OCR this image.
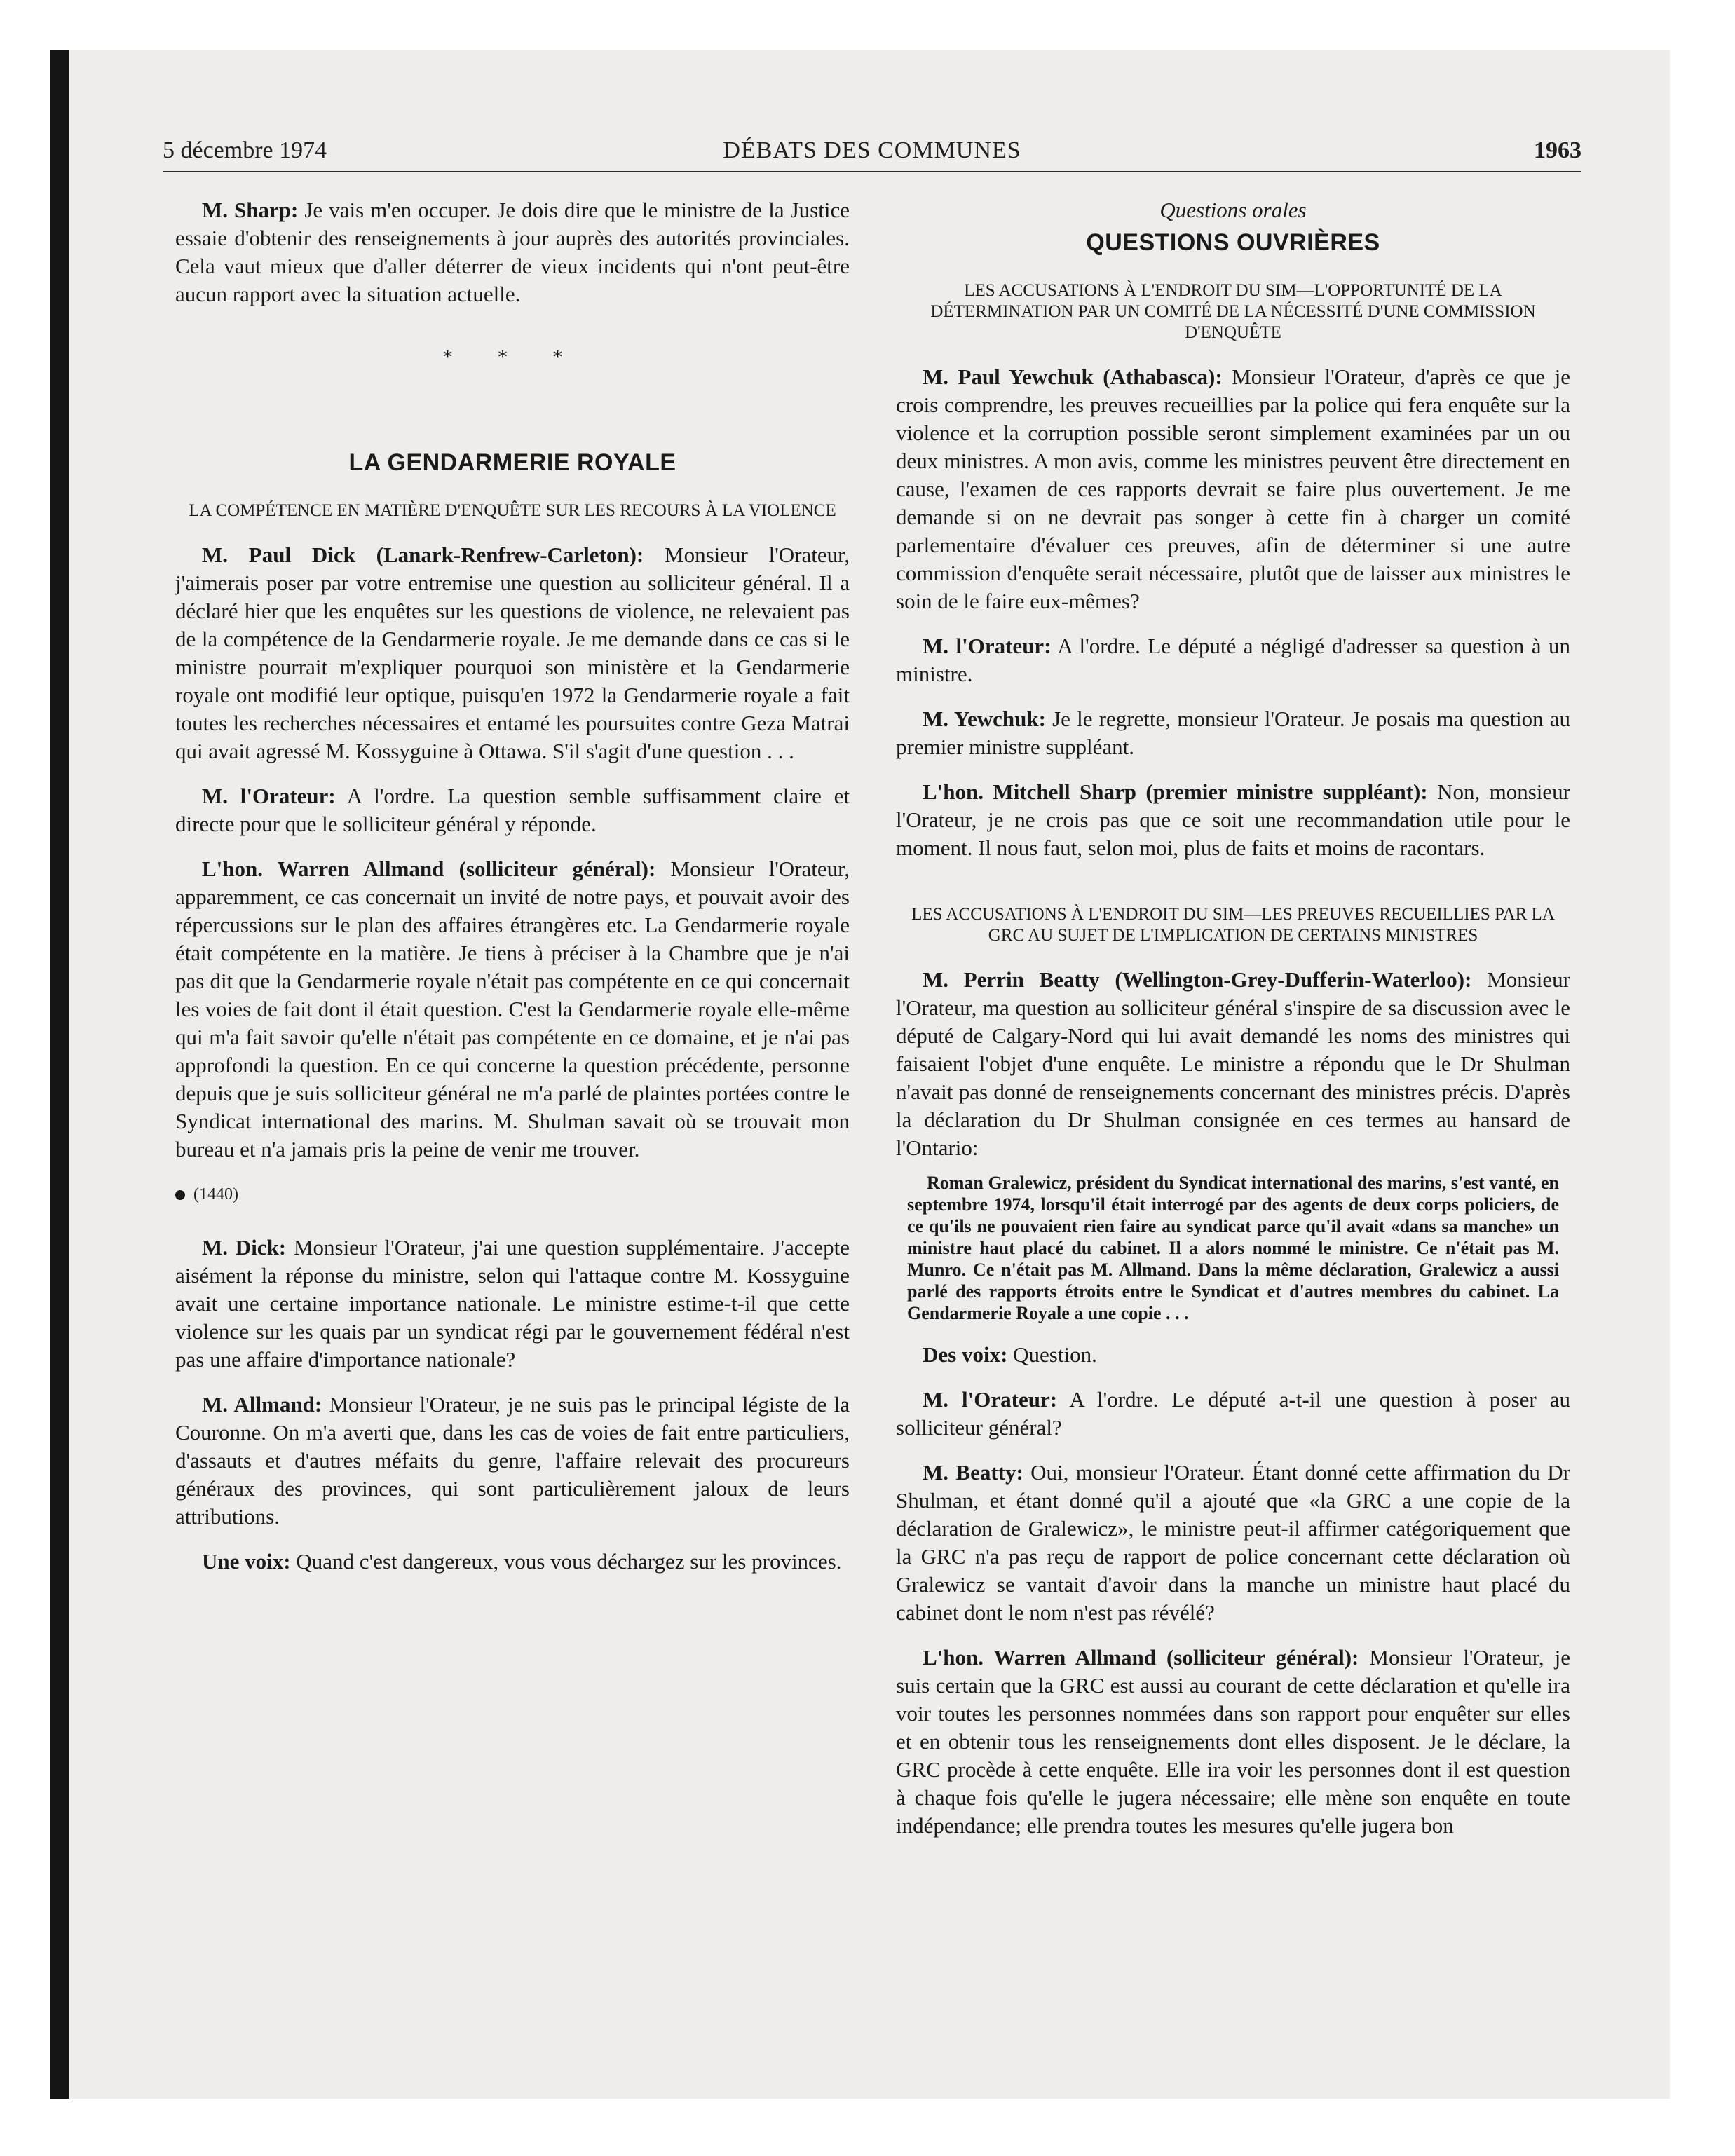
5 décembre 1974	DÉBATS DES COMMUNES	1963

M. Sharp: Je vais m'en occuper. Je dois dire que le ministre de la Justice essaie d'obtenir des renseignements à jour auprès des autorités provinciales. Cela vaut mieux que d'aller déterrer de vieux incidents qui n'ont peut-être aucun rapport avec la situation actuelle.

* * *
LA GENDARMERIE ROYALE
LA COMPÉTENCE EN MATIÈRE D'ENQUÊTE SUR LES RECOURS À LA VIOLENCE

M. Paul Dick (Lanark-Renfrew-Carleton): Monsieur l'Orateur, j'aimerais poser par votre entremise une question au solliciteur général. Il a déclaré hier que les enquêtes sur les questions de violence, ne relevaient pas de la compétence de la Gendarmerie royale. Je me demande dans ce cas si le ministre pourrait m'expliquer pourquoi son ministère et la Gendarmerie royale ont modifié leur optique, puisqu'en 1972 la Gendarmerie royale a fait toutes les recherches nécessaires et entamé les poursuites contre Geza Matrai qui avait agressé M. Kossyguine à Ottawa. S'il s'agit d'une question . . .

M. l'Orateur: A l'ordre. La question semble suffisamment claire et directe pour que le solliciteur général y réponde.

L'hon. Warren Allmand (solliciteur général): Monsieur l'Orateur, apparemment, ce cas concernait un invité de notre pays, et pouvait avoir des répercussions sur le plan des affaires étrangères etc. La Gendarmerie royale était compétente en la matière. Je tiens à préciser à la Chambre que je n'ai pas dit que la Gendarmerie royale n'était pas compétente en ce qui concernait les voies de fait dont il était question. C'est la Gendarmerie royale elle-même qui m'a fait savoir qu'elle n'était pas compétente en ce domaine, et je n'ai pas approfondi la question. En ce qui concerne la question précédente, personne depuis que je suis solliciteur général ne m'a parlé de plaintes portées contre le Syndicat international des marins. M. Shulman savait où se trouvait mon bureau et n'a jamais pris la peine de venir me trouver.

(1440)

M. Dick: Monsieur l'Orateur, j'ai une question supplémentaire. J'accepte aisément la réponse du ministre, selon qui l'attaque contre M. Kossyguine avait une certaine importance nationale. Le ministre estime-t-il que cette violence sur les quais par un syndicat régi par le gouvernement fédéral n'est pas une affaire d'importance nationale?

M. Allmand: Monsieur l'Orateur, je ne suis pas le principal légiste de la Couronne. On m'a averti que, dans les cas de voies de fait entre particuliers, d'assauts et d'autres méfaits du genre, l'affaire relevait des procureurs généraux des provinces, qui sont particulièrement jaloux de leurs attributions.

Une voix: Quand c'est dangereux, vous vous déchargez sur les provinces.

Questions orales
QUESTIONS OUVRIÈRES
LES ACCUSATIONS À L'ENDROIT DU SIM—L'OPPORTUNITÉ DE LA DÉTERMINATION PAR UN COMITÉ DE LA NÉCESSITÉ D'UNE COMMISSION D'ENQUÊTE

M. Paul Yewchuk (Athabasca): Monsieur l'Orateur, d'après ce que je crois comprendre, les preuves recueillies par la police qui fera enquête sur la violence et la corruption possible seront simplement examinées par un ou deux ministres. A mon avis, comme les ministres peuvent être directement en cause, l'examen de ces rapports devrait se faire plus ouvertement. Je me demande si on ne devrait pas songer à cette fin à charger un comité parlementaire d'évaluer ces preuves, afin de déterminer si une autre commission d'enquête serait nécessaire, plutôt que de laisser aux ministres le soin de le faire eux-mêmes?

M. l'Orateur: A l'ordre. Le député a négligé d'adresser sa question à un ministre.

M. Yewchuk: Je le regrette, monsieur l'Orateur. Je posais ma question au premier ministre suppléant.

L'hon. Mitchell Sharp (premier ministre suppléant): Non, monsieur l'Orateur, je ne crois pas que ce soit une recommandation utile pour le moment. Il nous faut, selon moi, plus de faits et moins de racontars.

LES ACCUSATIONS À L'ENDROIT DU SIM—LES PREUVES RECUEILLIES PAR LA GRC AU SUJET DE L'IMPLICATION DE CERTAINS MINISTRES

M. Perrin Beatty (Wellington-Grey-Dufferin-Waterloo): Monsieur l'Orateur, ma question au solliciteur général s'inspire de sa discussion avec le député de Calgary-Nord qui lui avait demandé les noms des ministres qui faisaient l'objet d'une enquête. Le ministre a répondu que le Dr Shulman n'avait pas donné de renseignements concernant des ministres précis. D'après la déclaration du Dr Shulman consignée en ces termes au hansard de l'Ontario:

Roman Gralewicz, président du Syndicat international des marins, s'est vanté, en septembre 1974, lorsqu'il était interrogé par des agents de deux corps policiers, de ce qu'ils ne pouvaient rien faire au syndicat parce qu'il avait «dans sa manche» un ministre haut placé du cabinet. Il a alors nommé le ministre. Ce n'était pas M. Munro. Ce n'était pas M. Allmand. Dans la même déclaration, Gralewicz a aussi parlé des rapports étroits entre le Syndicat et d'autres membres du cabinet. La Gendarmerie Royale a une copie . . .

Des voix: Question.

M. l'Orateur: A l'ordre. Le député a-t-il une question à poser au solliciteur général?

M. Beatty: Oui, monsieur l'Orateur. Étant donné cette affirmation du Dr Shulman, et étant donné qu'il a ajouté que «la GRC a une copie de la déclaration de Gralewicz», le ministre peut-il affirmer catégoriquement que la GRC n'a pas reçu de rapport de police concernant cette déclaration où Gralewicz se vantait d'avoir dans la manche un ministre haut placé du cabinet dont le nom n'est pas révélé?

L'hon. Warren Allmand (solliciteur général): Monsieur l'Orateur, je suis certain que la GRC est aussi au courant de cette déclaration et qu'elle ira voir toutes les personnes nommées dans son rapport pour enquêter sur elles et en obtenir tous les renseignements dont elles disposent. Je le déclare, la GRC procède à cette enquête. Elle ira voir les personnes dont il est question à chaque fois qu'elle le jugera nécessaire; elle mène son enquête en toute indépendance; elle prendra toutes les mesures qu'elle jugera bon
